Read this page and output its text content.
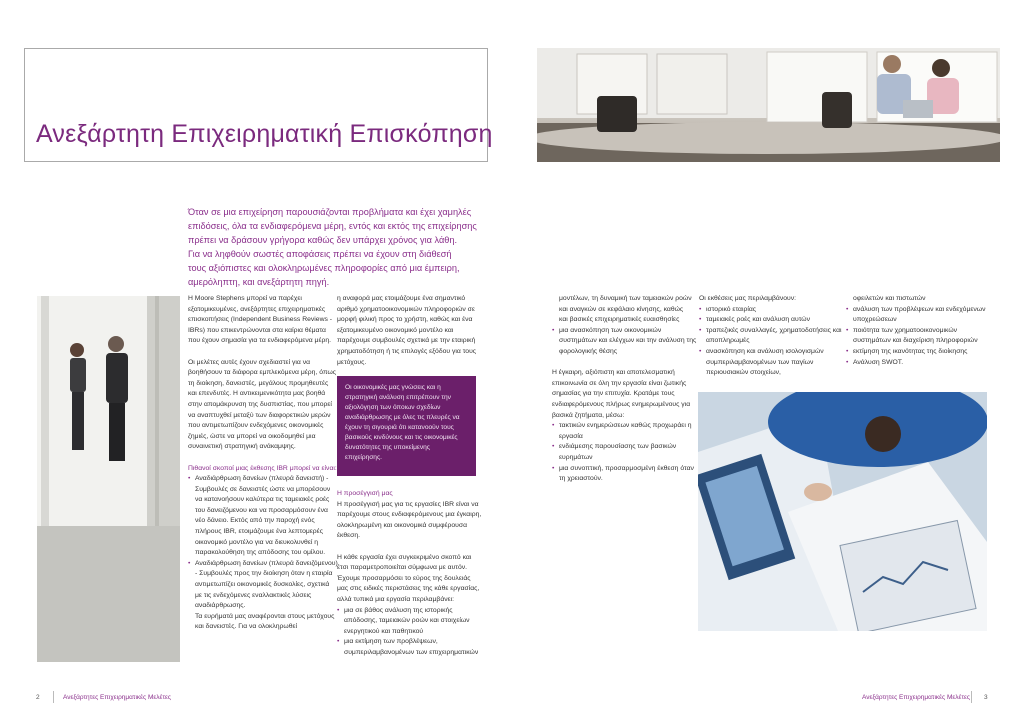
Ανεξάρτητη Επιχειρηματική Επισκόπηση

Όταν σε μια επιχείρηση παρουσιάζονται προβλήματα και έχει χαμηλές

επιδόσεις, όλα τα ενδιαφερόμενα μέρη, εντός και εκτός της επιχείρησης

πρέπει να δράσουν γρήγορα καθώς δεν υπάρχει χρόνος για λάθη.

Για να ληφθούν σωστές αποφάσεις πρέπει να έχουν στη διάθεσή

τους αξιόπιστες και ολοκληρωμένες πληροφορίες από μια έμπειρη,

αμερόληπτη, και ανεξάρτητη πηγή.

Η Moore Stephens μπορεί να παρέχει εξατομικευμένες, ανεξάρτητες επιχειρηματικές επισκοπήσεις (Independent Business Reviews - IBRs) που επικεντρώνονται στα καίρια θέματα που έχουν σημασία για τα ενδιαφερόμενα μέρη.

Οι μελέτες αυτές έχουν σχεδιαστεί για να βοηθήσουν τα διάφορα εμπλεκόμενα μέρη, όπως τη διοίκηση, δανειστές, μεγάλους προμηθευτές και επενδυτές. Η αντικειμενικότητα μας βοηθά στην απομάκρυνση της δυσπιστίας, που μπορεί να αναπτυχθεί μεταξύ των διαφορετικών μερών που αντιμετωπίζουν ενδεχόμενες οικονομικές ζημιές, ώστε να μπορεί να οικοδομηθεί μια συναινετική στρατηγική ανάκαμψης.

Πιθανοί σκοποί μιας έκθεσης IBR μπορεί να είναι:

• Αναδιάρθρωση δανείων (πλευρά δανειστή) - Συμβουλές σε δανειστές ώστε να μπορέσουν να κατανοήσουν καλύτερα τις ταμειακές ροές του δανειζόμενου και να προσαρμόσουν ένα νέο δάνειο. Εκτός από την παροχή ενός πλήρους IBR, ετοιμάζουμε ένα λεπτομερές οικονομικό μοντέλο για να διευκολυνθεί η παρακολούθηση της απόδοσης του ομίλου.
• Αναδιάρθρωση δανείων (πλευρά δανειζόμενου) - Συμβουλές προς την διοίκηση όταν η εταιρία αντιμετωπίζει οικονομικές δυσκολίες, σχετικά με τις ενδεχόμενες εναλλακτικές λύσεις αναδιάρθρωσης.

Τα ευρήματά μας αναφέρονται στους μετόχους και δανειστές. Για να ολοκληρωθεί

η αναφορά μας ετοιμάζουμε ένα σημαντικό αριθμό χρηματοοικονομικών πληροφοριών σε μορφή φιλική προς το χρήστη, καθώς και ένα εξατομικευμένο οικονομικό μοντέλο και παρέχουμε συμβουλές σχετικά με την εταιρική χρηματοδότηση ή τις επιλογές εξόδου για τους μετόχους.

Οι οικονομικές μας γνώσεις και η στρατηγική ανάλυση επιτρέπουν την αξιολόγηση των όποιων σχεδίων αναδιάρθρωσης με όλες τις πλευρές να έχουν τη σιγουριά ότι κατανοούν τους βασικούς κινδύνους και τις οικονομικές δυνατότητες της υποκείμενης επιχείρησης.

Η προσέγγισή μας

Η προσέγγισή μας για τις εργασίες IBR είναι να παρέχουμε στους ενδιαφερόμενους μια έγκαιρη, ολοκληρωμένη και οικονομικά συμφέρουσα έκθεση.

Η κάθε εργασία έχει συγκεκριμένο σκοπό και έτσι παραμετροποιείται σύμφωνα με αυτόν. Έχουμε προσαρμόσει το εύρος της δουλειάς μας στις ειδικές περιστάσεις της κάθε εργασίας, αλλά τυπικά μια εργασία περιλαμβάνει:

• μια σε βάθος ανάλυση της ιστορικής απόδοσης, ταμειακών ροών και στοιχείων ενεργητικού και παθητικού
• μια εκτίμηση των προβλέψεων, συμπεριλαμβανομένων των επιχειρηματικών

μοντέλων, τη δυναμική των ταμειακών ροών

και αναγκών σε κεφάλαιο κίνησης, καθώς

και βασικές επιχειρηματικές ευαισθησίες

• μια ανασκόπηση των οικονομικών συστημάτων και ελέγχων και την ανάλυση της φορολογικής θέσης

Η έγκαιρη, αξιόπιστη και αποτελεσματική επικοινωνία σε όλη την εργασία είναι ζωτικής σημασίας για την επιτυχία. Κρατάμε τους ενδιαφερόμενους πλήρως ενημερωμένους για βασικά ζητήματα, μέσω:

• τακτικών ενημερώσεων καθώς προχωράει η εργασία
• ενδιάμεσης παρουσίασης των βασικών ευρημάτων
• μια συνοπτική, προσαρμοσμένη έκθεση όταν τη χρειαστούν.

Οι εκθέσεις μας περιλαμβάνουν:

• ιστορικό εταιρίας
• ταμειακές ροές και ανάλυση αυτών
• τραπεζικές συναλλαγές, χρηματοδοτήσεις και αποπληρωμές
• ανασκόπηση και ανάλυση ισολογισμών συμπεριλαμβανομένων των παγίων περιουσιακών στοιχείων,

οφειλετών και πιστωτών

• ανάλυση των προβλέψεων και ενδεχόμενων υποχρεώσεων
• ποιότητα των χρηματοοικονομικών συστημάτων και διαχείριση πληροφοριών
• εκτίμηση της ικανότητας της διοίκησης
• Ανάλυση SWOT.
2	Ανεξάρτητες Επιχειρηματικές Μελέτες	Ανεξάρτητες Επιχειρηματικές Μελέτες 3
